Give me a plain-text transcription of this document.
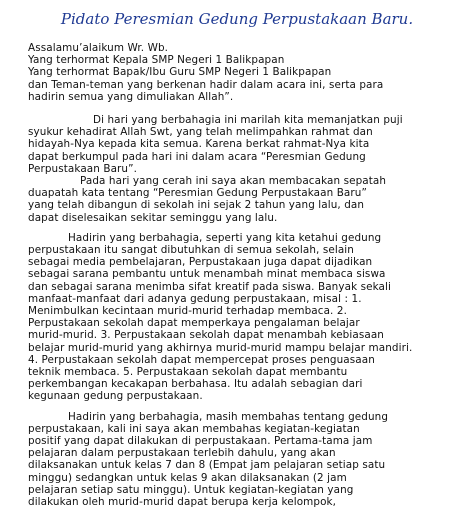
Pidato Peresmian Gedung Perpustakaan Baru.
Assalamu’alaikum Wr. Wb.
Yang terhormat Kepala SMP Negeri 1 Balikpapan
Yang terhormat Bapak/Ibu Guru SMP Negeri 1 Balikpapan
dan Teman-teman yang berkenan hadir dalam acara ini, serta para
hadirin semua yang dimuliakan Allah”.
Di hari yang berbahagia ini marilah kita memanjatkan puji
syukur kehadirat Allah Swt, yang telah melimpahkan rahmat dan
hidayah-Nya kepada kita semua. Karena berkat rahmat-Nya kita
dapat berkumpul pada hari ini dalam acara “Peresmian Gedung
Perpustakaan Baru”.
Pada hari yang cerah ini saya akan membacakan sepatah
duapatah kata tentang “Peresmian Gedung Perpustakaan Baru”
yang telah dibangun di sekolah ini sejak 2 tahun yang lalu, dan
dapat diselesaikan sekitar seminggu yang lalu.
Hadirin yang berbahagia, seperti yang kita ketahui gedung
perpustakaan itu sangat dibutuhkan di semua sekolah, selain
sebagai media pembelajaran, Perpustakaan juga dapat dijadikan
sebagai sarana pembantu untuk menambah minat membaca siswa
dan sebagai sarana menimba sifat kreatif pada siswa. Banyak sekali
manfaat-manfaat dari adanya gedung perpustakaan, misal : 1.
Menimbulkan kecintaan murid-murid terhadap membaca. 2.
Perpustakaan sekolah dapat memperkaya pengalaman belajar
murid-murid. 3. Perpustakaan sekolah dapat menambah kebiasaan
belajar murid-murid yang akhirnya murid-murid mampu belajar mandiri.
4. Perpustakaan sekolah dapat mempercepat proses penguasaan
teknik membaca. 5. Perpustakaan sekolah dapat membantu
perkembangan kecakapan berbahasa. Itu adalah sebagian dari
kegunaan gedung perpustakaan.
Hadirin yang berbahagia, masih membahas tentang gedung
perpustakaan, kali ini saya akan membahas kegiatan-kegiatan
positif yang dapat dilakukan di perpustakaan. Pertama-tama jam
pelajaran dalam perpustakaan terlebih dahulu, yang akan
dilaksanakan untuk kelas 7 dan 8 (Empat jam pelajaran setiap satu
minggu) sedangkan untuk kelas 9 akan dilaksanakan (2 jam
pelajaran setiap satu minggu). Untuk kegiatan-kegiatan yang
dilakukan oleh murid-murid dapat berupa kerja kelompok,
